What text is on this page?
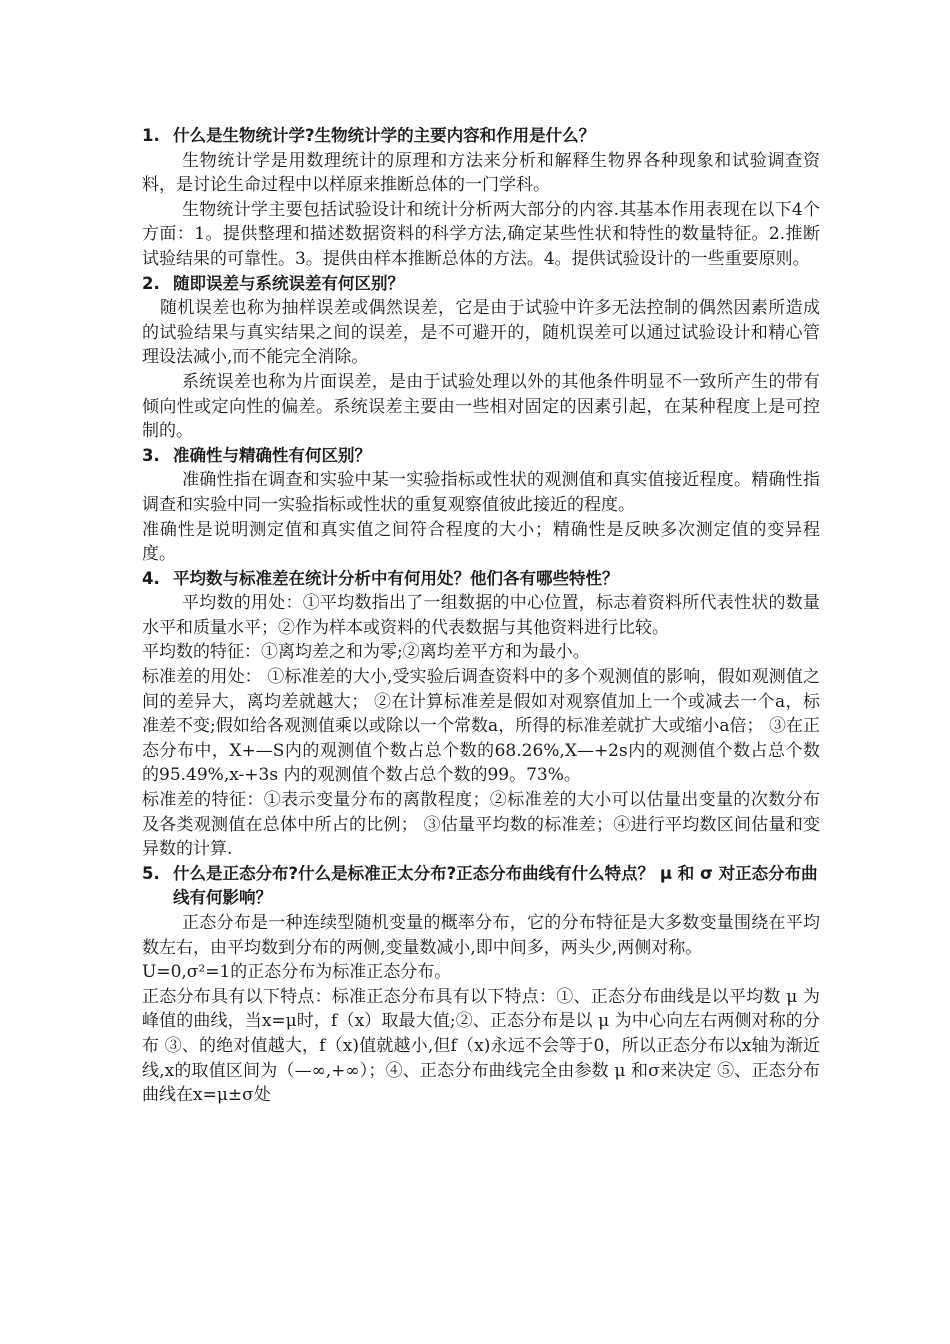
1. 什么是生物统计学?生物统计学的主要内容和作用是什么？

生物统计学是用数理统计的原理和方法来分析和解释生物界各种现象和试验调查资料，是讨论生命过程中以样原来推断总体的一门学科。

生物统计学主要包括试验设计和统计分析两大部分的内容.其基本作用表现在以下4个方面：1。提供整理和描述数据资料的科学方法,确定某些性状和特性的数量特征。2.推断试验结果的可靠性。3。提供由样本推断总体的方法。4。提供试验设计的一些重要原则。

2. 随即误差与系统误差有何区别？

随机误差也称为抽样误差或偶然误差，它是由于试验中许多无法控制的偶然因素所造成的试验结果与真实结果之间的误差，是不可避开的，随机误差可以通过试验设计和精心管理设法减小,而不能完全消除。

系统误差也称为片面误差，是由于试验处理以外的其他条件明显不一致所产生的带有倾向性或定向性的偏差。系统误差主要由一些相对固定的因素引起，在某种程度上是可控制的。

3. 准确性与精确性有何区别？

准确性指在调查和实验中某一实验指标或性状的观测值和真实值接近程度。精确性指调查和实验中同一实验指标或性状的重复观察值彼此接近的程度。

准确性是说明测定值和真实值之间符合程度的大小；精确性是反映多次测定值的变异程度。

4. 平均数与标准差在统计分析中有何用处？他们各有哪些特性？

平均数的用处：①平均数指出了一组数据的中心位置，标志着资料所代表性状的数量水平和质量水平；②作为样本或资料的代表数据与其他资料进行比较。

平均数的特征：①离均差之和为零;②离均差平方和为最小。

标准差的用处： ①标准差的大小,受实验后调查资料中的多个观测值的影响，假如观测值之间的差异大，离均差就越大； ②在计算标准差是假如对观察值加上一个或减去一个a，标准差不变;假如给各观测值乘以或除以一个常数a，所得的标准差就扩大或缩小a倍； ③在正态分布中，X+—S内的观测值个数占总个数的68.26%,X—+2s内的观测值个数占总个数的95.49%,x-+3s 内的观测值个数占总个数的99。73%。

标准差的特征：①表示变量分布的离散程度；②标准差的大小可以估量出变量的次数分布及各类观测值在总体中所占的比例； ③估量平均数的标准差；④进行平均数区间估量和变异数的计算.

5. 什么是正态分布?什么是标准正太分布?正态分布曲线有什么特点？ μ 和 σ 对正态分布曲线有何影响？

正态分布是一种连续型随机变量的概率分布，它的分布特征是大多数变量围绕在平均数左右，由平均数到分布的两侧,变量数减小,即中间多，两头少,两侧对称。

U=0,σ²=1的正态分布为标准正态分布。

正态分布具有以下特点：标准正态分布具有以下特点：①、正态分布曲线是以平均数 μ 为峰值的曲线，当x=μ时，f（x）取最大值;②、正态分布是以 μ 为中心向左右两侧对称的分布 ③、的绝对值越大，f（x)值就越小,但f（x)永远不会等于0，所以正态分布以x轴为渐近线,x的取值区间为（—∞,+∞）；④、正态分布曲线完全由参数 μ 和σ来决定 ⑤、正态分布曲线在x=μ±σ处
